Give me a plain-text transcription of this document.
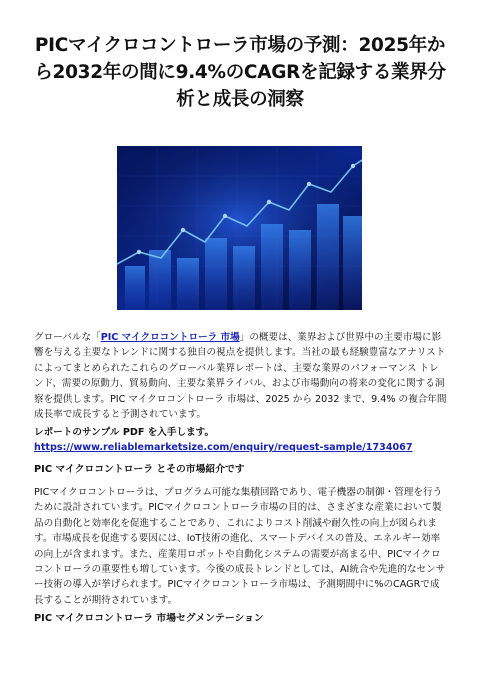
PICマイクロコントローラ市場の予測：2025年から2032年の間に9.4%のCAGRを記録する業界分析と成長の洞察

グローバルな「PIC マイクロコントローラ 市場」の概要は、業界および世界中の主要市場に影響を与える主要なトレンドに関する独自の視点を提供します。当社の最も経験豊富なアナリストによってまとめられたこれらのグローバル業界レポートは、主要な業界のパフォーマンス トレンド、需要の原動力、貿易動向、主要な業界ライバル、および市場動向の将来の変化に関する洞察を提供します。PIC マイクロコントローラ 市場は、2025 から 2032 まで、9.4% の複合年間成長率で成長すると予測されています。

レポートのサンプル PDF を入手します。 https://www.reliablemarketsize.com/enquiry/request-sample/1734067

PIC マイクロコントローラ とその市場紹介です

PICマイクロコントローラは、プログラム可能な集積回路であり、電子機器の制御・管理を行うために設計されています。PICマイクロコントローラ市場の目的は、さまざまな産業において製品の自動化と効率化を促進することであり、これによりコスト削減や耐久性の向上が図られます。市場成長を促進する要因には、IoT技術の進化、スマートデバイスの普及、エネルギー効率の向上が含まれます。また、産業用ロボットや自動化システムの需要が高まる中、PICマイクロコントローラの重要性も増しています。今後の成長トレンドとしては、AI統合や先進的なセンサー技術の導入が挙げられます。PICマイクロコントローラ市場は、予測期間中に%のCAGRで成長することが期待されています。

PIC マイクロコントローラ 市場セグメンテーション
